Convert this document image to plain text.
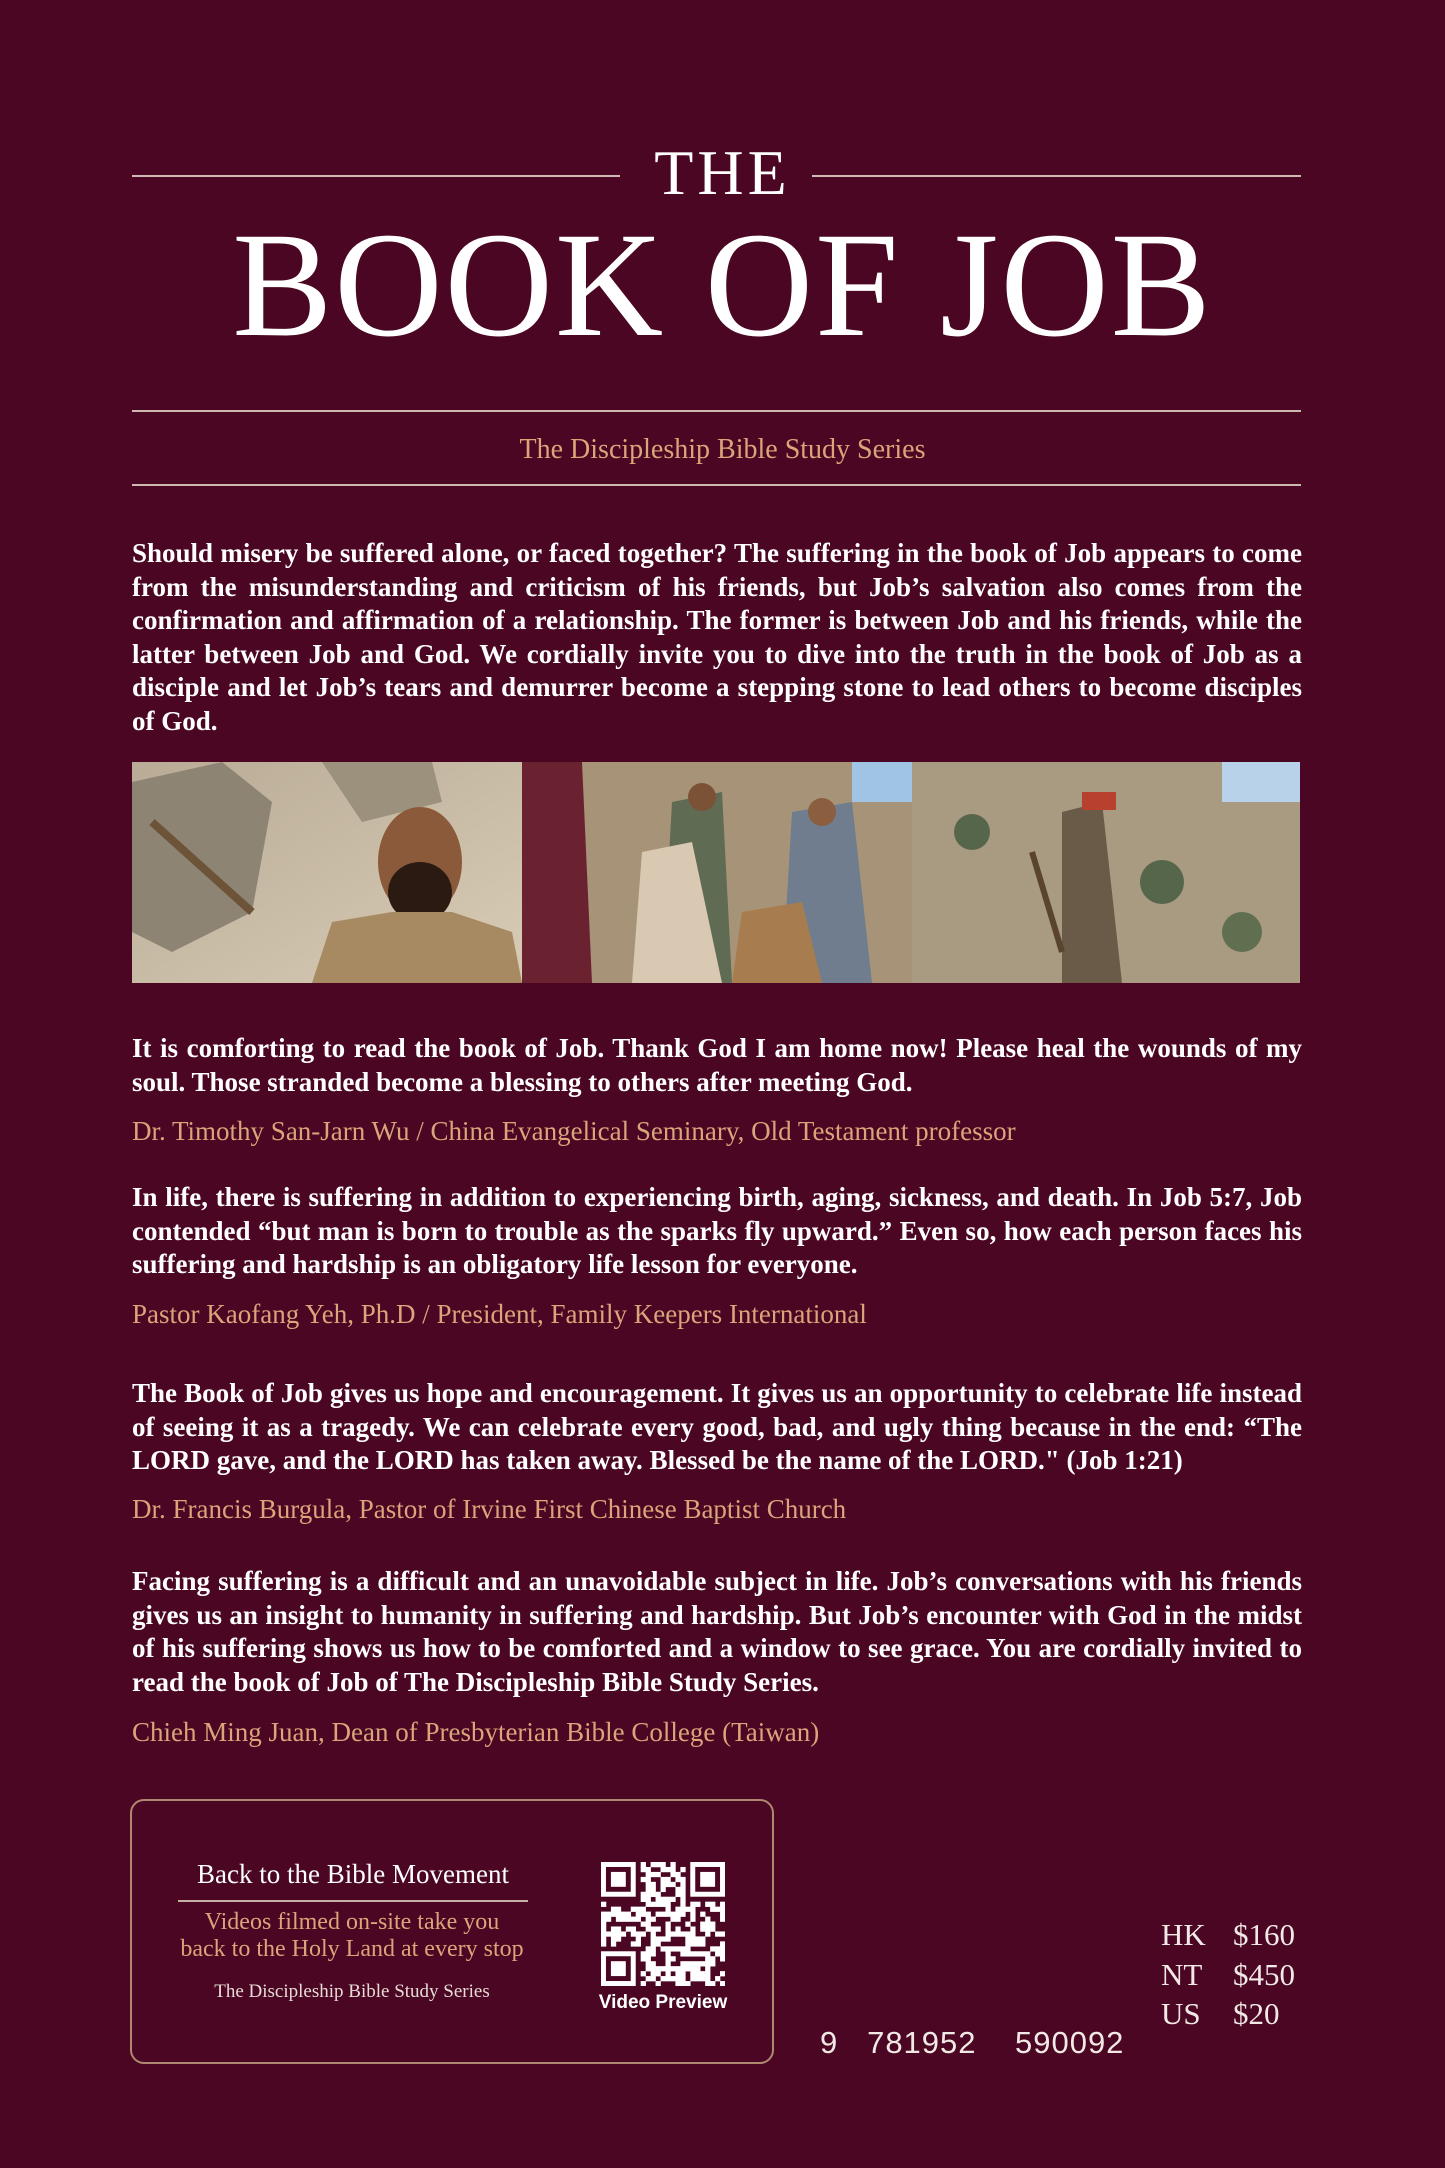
THE
BOOK OF JOB
The Discipleship Bible Study Series
Should misery be suffered alone, or faced together? The suffering in the book of Job appears to come from the misunderstanding and criticism of his friends, but Job’s salvation also comes from the confirmation and affirmation of a relationship. The former is between Job and his friends, while the latter between Job and God. We cordially invite you to dive into the truth in the book of Job as a disciple and let Job’s tears and demurrer become a stepping stone to lead others to become disciples of God.
It is comforting to read the book of Job. Thank God I am home now! Please heal the wounds of my soul. Those stranded become a blessing to others after meeting God.
Dr. Timothy San-Jarn Wu / China Evangelical Seminary, Old Testament professor
In life, there is suffering in addition to experiencing birth, aging, sickness, and death. In Job 5:7, Job contended “but man is born to trouble as the sparks fly upward.” Even so, how each person faces his suffering and hardship is an obligatory life lesson for everyone.
Pastor Kaofang Yeh, Ph.D / President, Family Keepers International
The Book of Job gives us hope and encouragement. It gives us an opportunity to celebrate life instead of seeing it as a tragedy. We can celebrate every good, bad, and ugly thing because in the end: “The LORD gave, and the LORD has taken away. Blessed be the name of the LORD." (Job 1:21)
Dr. Francis Burgula, Pastor of Irvine First Chinese Baptist Church
Facing suffering is a difficult and an unavoidable subject in life. Job’s conversations with his friends gives us an insight to humanity in suffering and hardship. But Job’s encounter with God in the midst of his suffering shows us how to be comforted and a window to see grace. You are cordially invited to read the book of Job of The Discipleship Bible Study Series.
Chieh Ming Juan, Dean of Presbyterian Bible College (Taiwan)
Back to the Bible Movement
Videos filmed on-site take you
back to the Holy Land at every stop
The Discipleship Bible Study Series
Video Preview
9   781952    590092
HK $160
NT $450
US	$20
